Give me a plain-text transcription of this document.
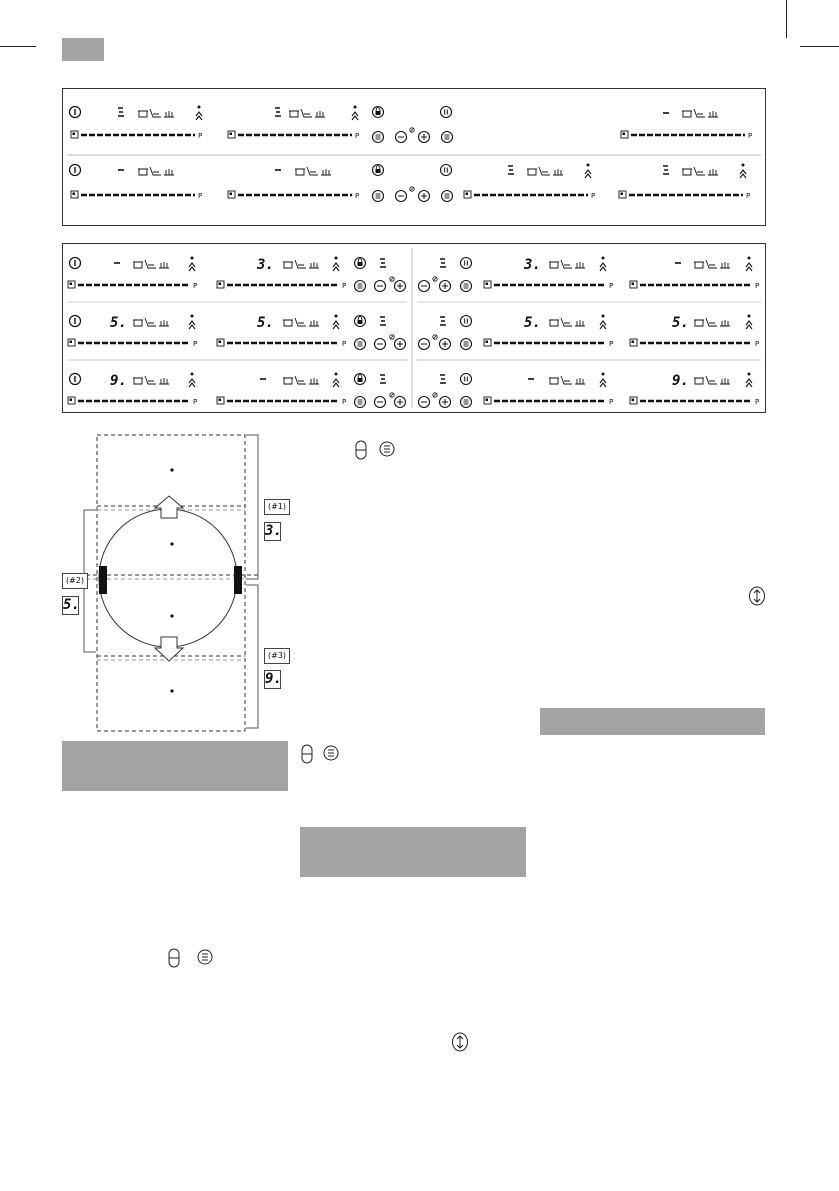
P	P	P
P	P	P	P
P
3.
P
3.
P	P
5.
P
5.
P
5.
P
5.
P
9.
P	P	P
9.
P
(#1)
3.
(#2)
5.
(#3)
9.
